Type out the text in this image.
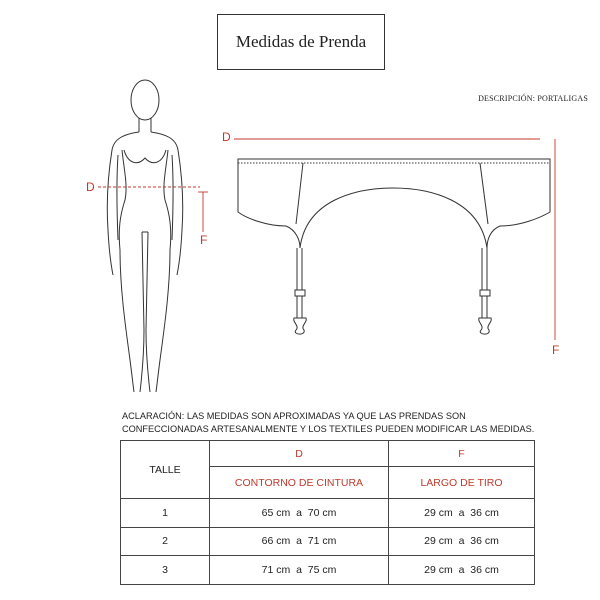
Medidas de Prenda
DESCRIPCIÓN: PORTALIGAS
D
F
D
F
ACLARACIÓN: LAS MEDIDAS SON APROXIMADAS YA QUE LAS PRENDAS SON CONFECCIONADAS ARTESANALMENTE Y LOS TEXTILES PUEDEN MODIFICAR LAS MEDIDAS.
TALLE	D	F
	CONTORNO DE CINTURA	LARGO DE TIRO
1	65 cm  a  70 cm	29 cm  a  36 cm
2	66 cm  a  71 cm	29 cm  a  36 cm
3	71 cm  a  75 cm	29 cm  a  36 cm
